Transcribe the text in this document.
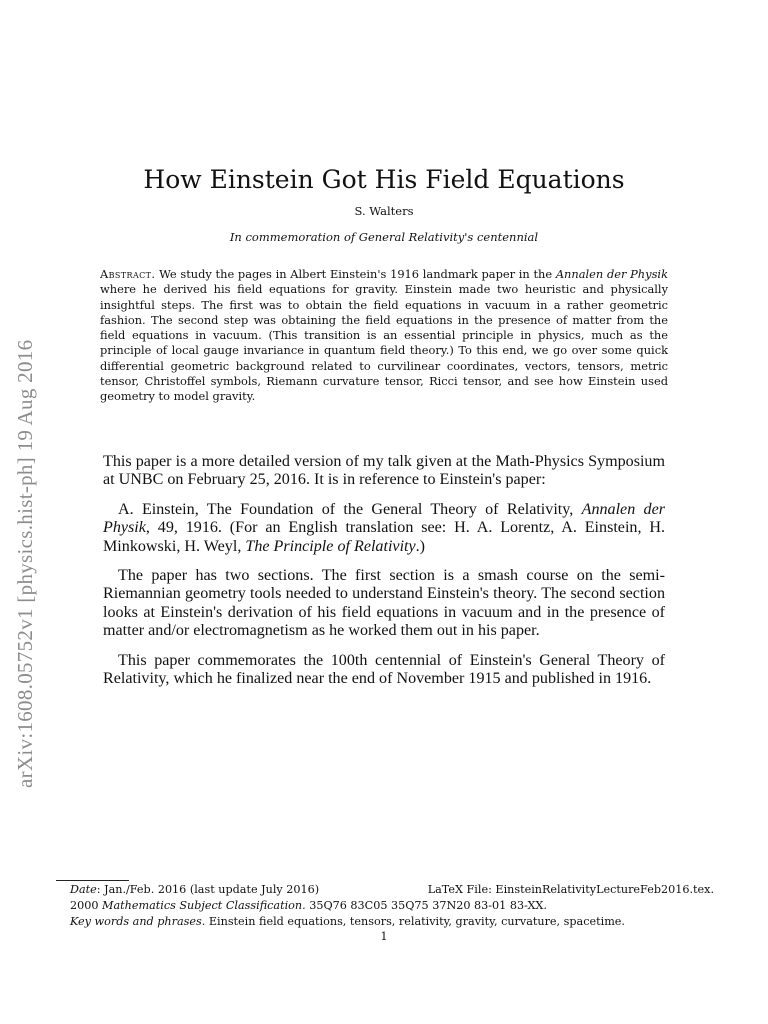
arXiv:1608.05752v1 [physics.hist-ph] 19 Aug 2016
How Einstein Got His Field Equations
S. Walters
In commemoration of General Relativity's centennial

Abstract. We study the pages in Albert Einstein's 1916 landmark paper in the Annalen der Physik where he derived his field equations for gravity. Einstein made two heuristic and physically insightful steps. The first was to obtain the field equations in vacuum in a rather geometric fashion. The second step was obtaining the field equations in the presence of matter from the field equations in vacuum. (This transition is an essential principle in physics, much as the principle of local gauge invariance in quantum field theory.) To this end, we go over some quick differential geometric background related to curvilinear coordinates, vectors, tensors, metric tensor, Christoffel symbols, Riemann curvature tensor, Ricci tensor, and see how Einstein used geometry to model gravity.

This paper is a more detailed version of my talk given at the Math-Physics Symposium at UNBC on February 25, 2016. It is in reference to Einstein's paper:

A. Einstein, The Foundation of the General Theory of Relativity, Annalen der Physik, 49, 1916. (For an English translation see: H. A. Lorentz, A. Einstein, H. Minkowski, H. Weyl, The Principle of Relativity.)

The paper has two sections. The first section is a smash course on the semi-Riemannian geometry tools needed to understand Einstein's theory. The second section looks at Einstein's derivation of his field equations in vacuum and in the presence of matter and/or electromagnetism as he worked them out in his paper.

This paper commemorates the 100th centennial of Einstein's General Theory of Relativity, which he finalized near the end of November 1915 and published in 1916.

Date: Jan./Feb. 2016 (last update July 2016)	LaTeX File: EinsteinRelativityLectureFeb2016.tex.
2000 Mathematics Subject Classification. 35Q76 83C05 35Q75 37N20 83-01 83-XX.
Key words and phrases. Einstein field equations, tensors, relativity, gravity, curvature, spacetime.
1
